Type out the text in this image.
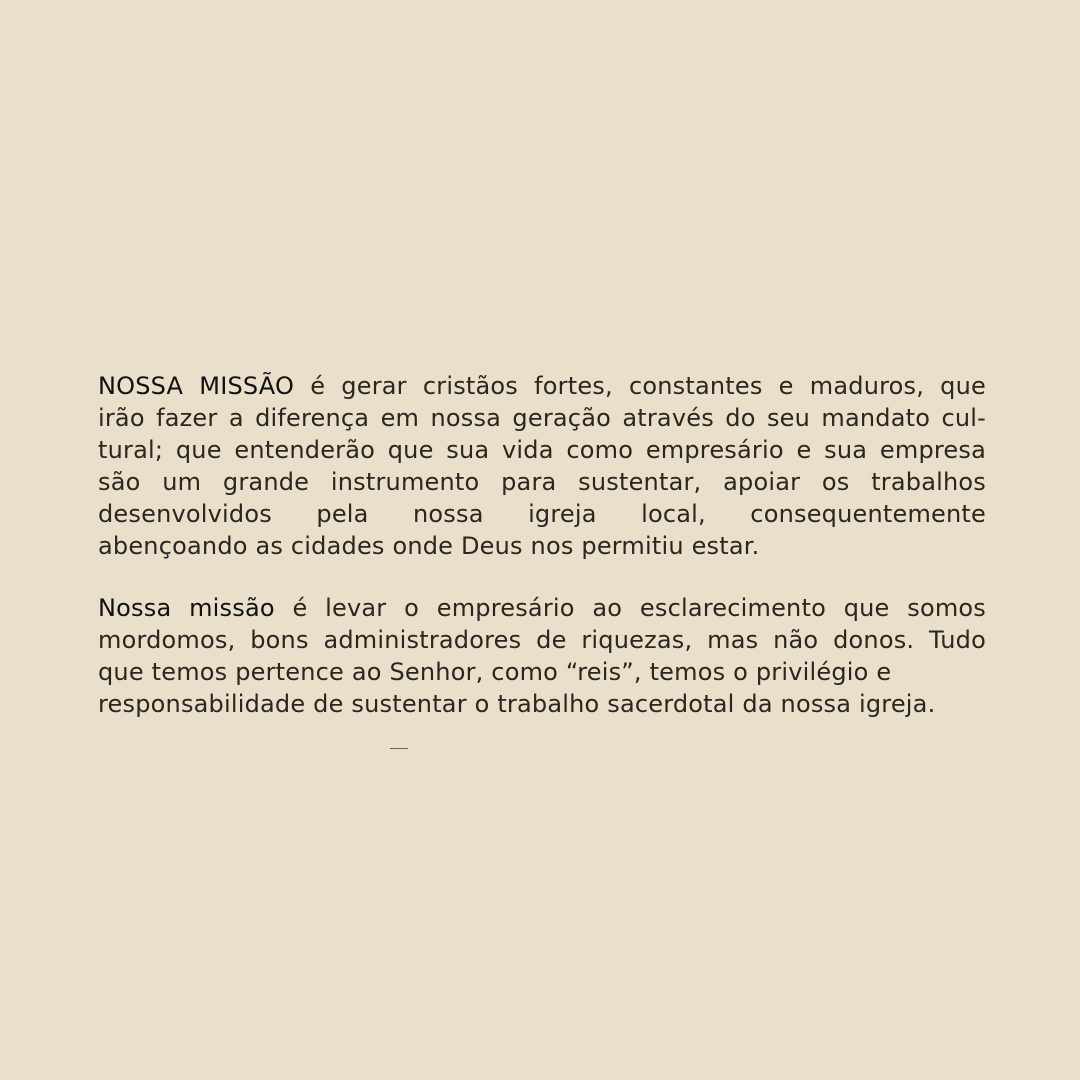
NOSSA MISSÃO é gerar cristãos fortes, constantes e maduros, que
irão fazer a diferença em nossa geração através do seu mandato cul-
tural; que entenderão que sua vida como empresário e sua empresa
são um grande instrumento para sustentar, apoiar os trabalhos
desenvolvidos pela nossa igreja local, consequentemente
abençoando as cidades onde Deus nos permitiu estar.
Nossa missão é levar o empresário ao esclarecimento que somos
mordomos, bons administradores de riquezas, mas não donos. Tudo
que temos pertence ao Senhor, como “reis”, temos o privilégio e
responsabilidade de sustentar o trabalho sacerdotal da nossa igreja.
